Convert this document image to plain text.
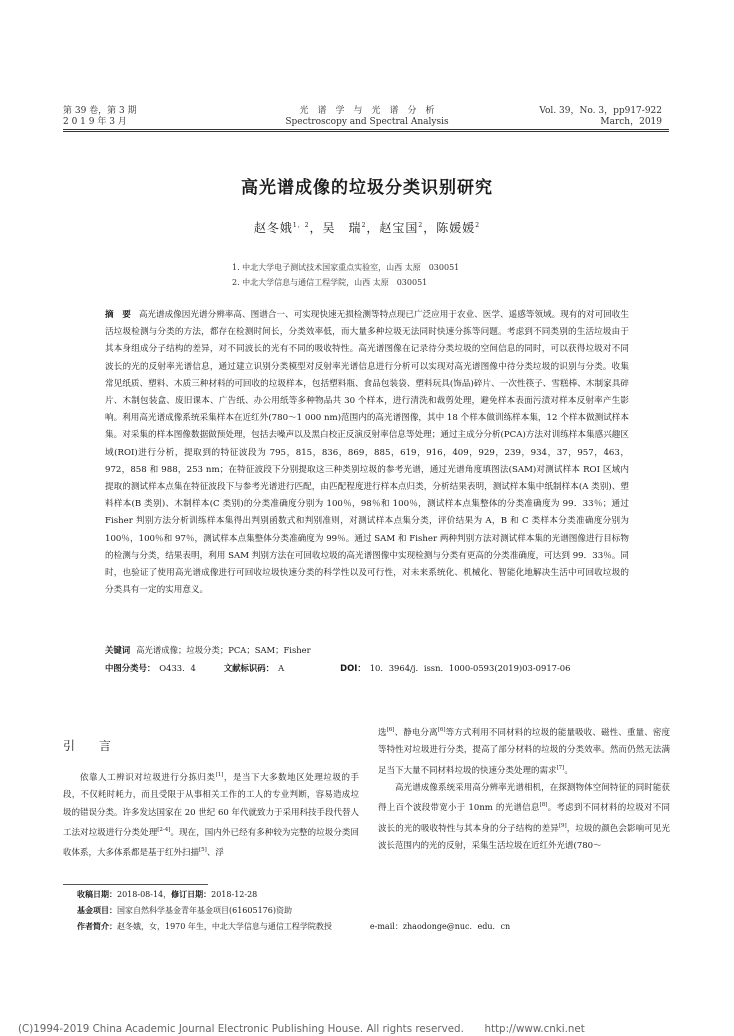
第 39 卷，第 3 期
2 0 1 9 年 3 月
光　谱　学　与　光　谱　分　析
Spectroscopy and Spectral Analysis
Vol. 39，No. 3，pp917-922
March，2019
高光谱成像的垃圾分类识别研究
赵冬娥$^{1,2}$，吴　瑞$^2$，赵宝国$^2$，陈媛媛$^2$
1. 中北大学电子测试技术国家重点实验室，山西 太原　030051
2. 中北大学信息与通信工程学院，山西 太原　030051
摘　要 高光谱成像因光谱分辨率高、图谱合一、可实现快速无损检测等特点现已广泛应用于农业、医学、遥感等领域。现有的对可回收生活垃圾检测与分类的方法，都存在检测时间长，分类效率低，而大量多种垃圾无法同时快速分拣等问题。考虑到不同类别的生活垃圾由于其本身组成分子结构的差异，对不同波长的光有不同的吸收特性。高光谱图像在记录待分类垃圾的空间信息的同时，可以获得垃圾对不同波长的光的反射率光谱信息，通过建立识别分类模型对反射率光谱信息进行分析可以实现对高光谱图像中待分类垃圾的识别与分类。收集常见纸质、塑料、木质三种材料的可回收的垃圾样本，包括塑料瓶、食品包装袋、塑料玩具(饰品)碎片、一次性筷子、雪糕棒、木制家具碎片、木制包装盒、废旧课本、广告纸、办公用纸等多种物品共 30 个样本，进行清洗和裁剪处理，避免样本表面污渍对样本反射率产生影响。利用高光谱成像系统采集样本在近红外(780～1 000 nm)范围内的高光谱图像，其中 18 个样本做训练样本集，12 个样本做测试样本集。对采集的样本图像数据做预处理，包括去噪声以及黑白校正反演反射率信息等处理；通过主成分分析(PCA)方法对训练样本集感兴趣区域(ROI)进行分析，提取到的特征波段为 795，815，836，869，885，619，916，409，929，239，934，37，957，463，972，858 和 988，253 nm；在特征波段下分别提取这三种类别垃圾的参考光谱，通过光谱角度填图法(SAM)对测试样本 ROI 区域内提取的测试样本点集在特征波段下与参考光谱进行匹配，由匹配程度进行样本点归类，分析结果表明，测试样本集中纸制样本(A 类别)、塑料样本(B 类别)、木制样本(C 类别)的分类准确度分别为 100％，98％和 100％，测试样本点集整体的分类准确度为 99．33％；通过 Fisher 判别方法分析训练样本集得出判别函数式和判别准则，对测试样本点集分类，评价结果为 A，B 和 C 类样本分类准确度分别为 100％，100％和 97％，测试样本点集整体分类准确度为 99％。通过 SAM 和 Fisher 两种判别方法对测试样本集的光谱图像进行目标物的检测与分类，结果表明，利用 SAM 判别方法在可回收垃圾的高光谱图像中实现检测与分类有更高的分类准确度，可达到 99．33％。同时，也验证了使用高光谱成像进行可回收垃圾快速分类的科学性以及可行性，对未来系统化、机械化、智能化地解决生活中可回收垃圾的分类具有一定的实用意义。
关键词 高光谱成像；垃圾分类；PCA；SAM；Fisher
中图分类号： O433．4	文献标识码： A	DOI： 10．3964/j．issn．1000-0593(2019)03-0917-06
引　言

依靠人工辨识对垃圾进行分拣归类[1]，是当下大多数地区处理垃圾的手段，不仅耗时耗力，而且受限于从事相关工作的工人的专业判断，容易造成垃圾的错误分类。许多发达国家在 20 世纪 60 年代就致力于采用科技手段代替人工法对垃圾进行分类处理[2-4]。现在，国内外已经有多种较为完整的垃圾分类回收体系，大多体系都是基于红外扫描[5]、浮

选[6]、静电分离[6]等方式利用不同材料的垃圾的能量吸收、磁性、重量、密度等特性对垃圾进行分类，提高了部分材料的垃圾的分类效率。然而仍然无法满足当下大量不同材料垃圾的快速分类处理的需求[7]。

高光谱成像系统采用高分辨率光谱相机，在探测物体空间特征的同时能获得上百个波段带宽小于 10nm 的光谱信息[8]。考虑到不同材料的垃圾对不同波长的光的吸收特性与其本身的分子结构的差异[9]，垃圾的颜色会影响可见光波长范围内的光的反射，采集生活垃圾在近红外光谱(780～

收稿日期：2018-08-14，修订日期：2018-12-28
基金项目：国家自然科学基金青年基金项目(61605176)资助
作者简介：赵冬娥，女，1970 年生，中北大学信息与通信工程学院教授	e-mail：zhaodonge@nuc．edu．cn
(C)1994-2019 China Academic Journal Electronic Publishing House. All rights reserved.　　http://www.cnki.net
